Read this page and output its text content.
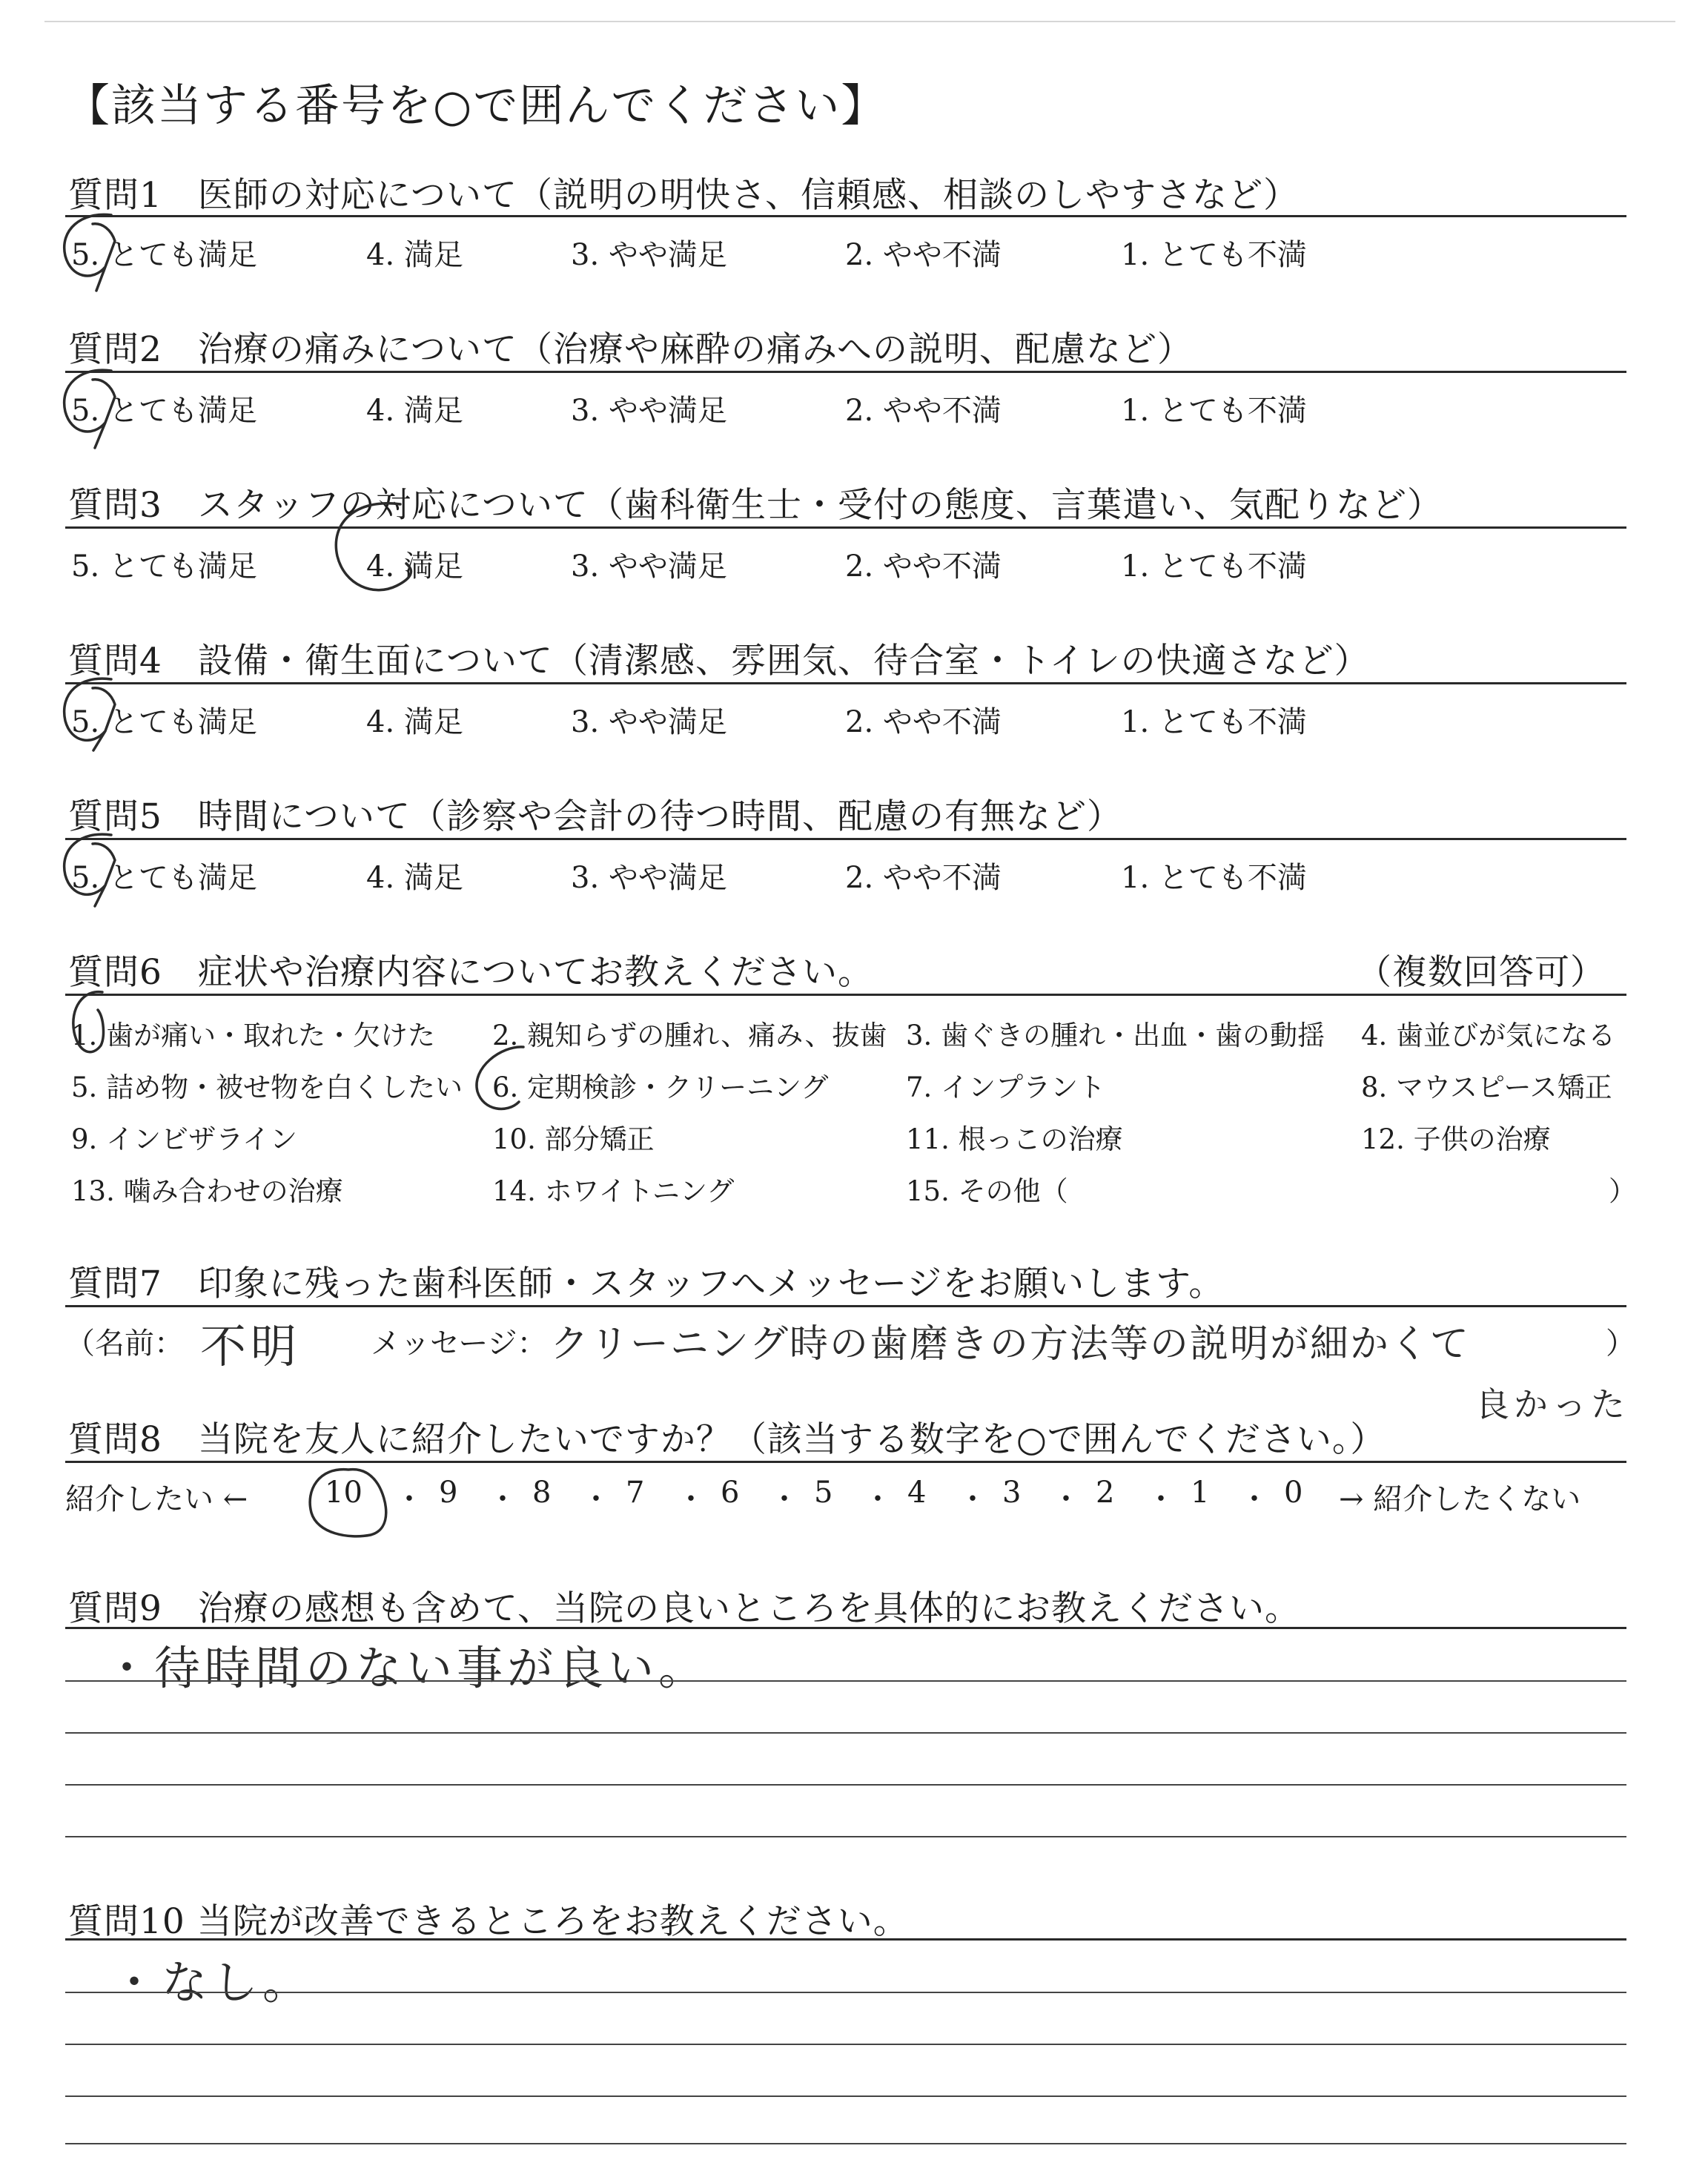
【該当する番号を○で囲んでください】
質問1　医師の対応について（説明の明快さ、信頼感、相談のしやすさなど）
5. とても満足	4. 満足	3. やや満足	2. やや不満	1. とても不満
質問2　治療の痛みについて（治療や麻酔の痛みへの説明、配慮など）
5. とても満足	4. 満足	3. やや満足	2. やや不満	1. とても不満
質問3　スタッフの対応について（歯科衛生士・受付の態度、言葉遣い、気配りなど）
5. とても満足	4. 満足	3. やや満足	2. やや不満	1. とても不満
質問4　設備・衛生面について（清潔感、雰囲気、待合室・トイレの快適さなど）
5. とても満足	4. 満足	3. やや満足	2. やや不満	1. とても不満
質問5　時間について（診察や会計の待つ時間、配慮の有無など）
5. とても満足	4. 満足	3. やや満足	2. やや不満	1. とても不満
質問6　症状や治療内容についてお教えください。	（複数回答可）
1. 歯が痛い・取れた・欠けた 2. 親知らずの腫れ、痛み、抜歯 3. 歯ぐきの腫れ・出血・歯の動揺 4. 歯並びが気になる
5. 詰め物・被せ物を白くしたい 6. 定期検診・クリーニング	7. インプラント	8. マウスピース矯正
9. インビザライン	10. 部分矯正	11. 根っこの治療	12. 子供の治療
13. 噛み合わせの治療	14. ホワイトニング	15. その他（	）
質問7　印象に残った歯科医師・スタッフへメッセージをお願いします。
（名前： 不明 メッセージ： クリーニング時の歯磨きの方法等の説明が細かくて	）
良かった
質問8　当院を友人に紹介したいですか？（該当する数字を○で囲んでください。）
紹介したい ←	10 ・ 9 ・ 8 ・ 7 ・ 6 ・ 5 ・ 4 ・ 3 ・ 2 ・ 1 ・ 0 → 紹介したくない
質問9　治療の感想も含めて、当院の良いところを具体的にお教えください。
・待時間のない事が良い。
質問10 当院が改善できるところをお教えください。
・なし。
